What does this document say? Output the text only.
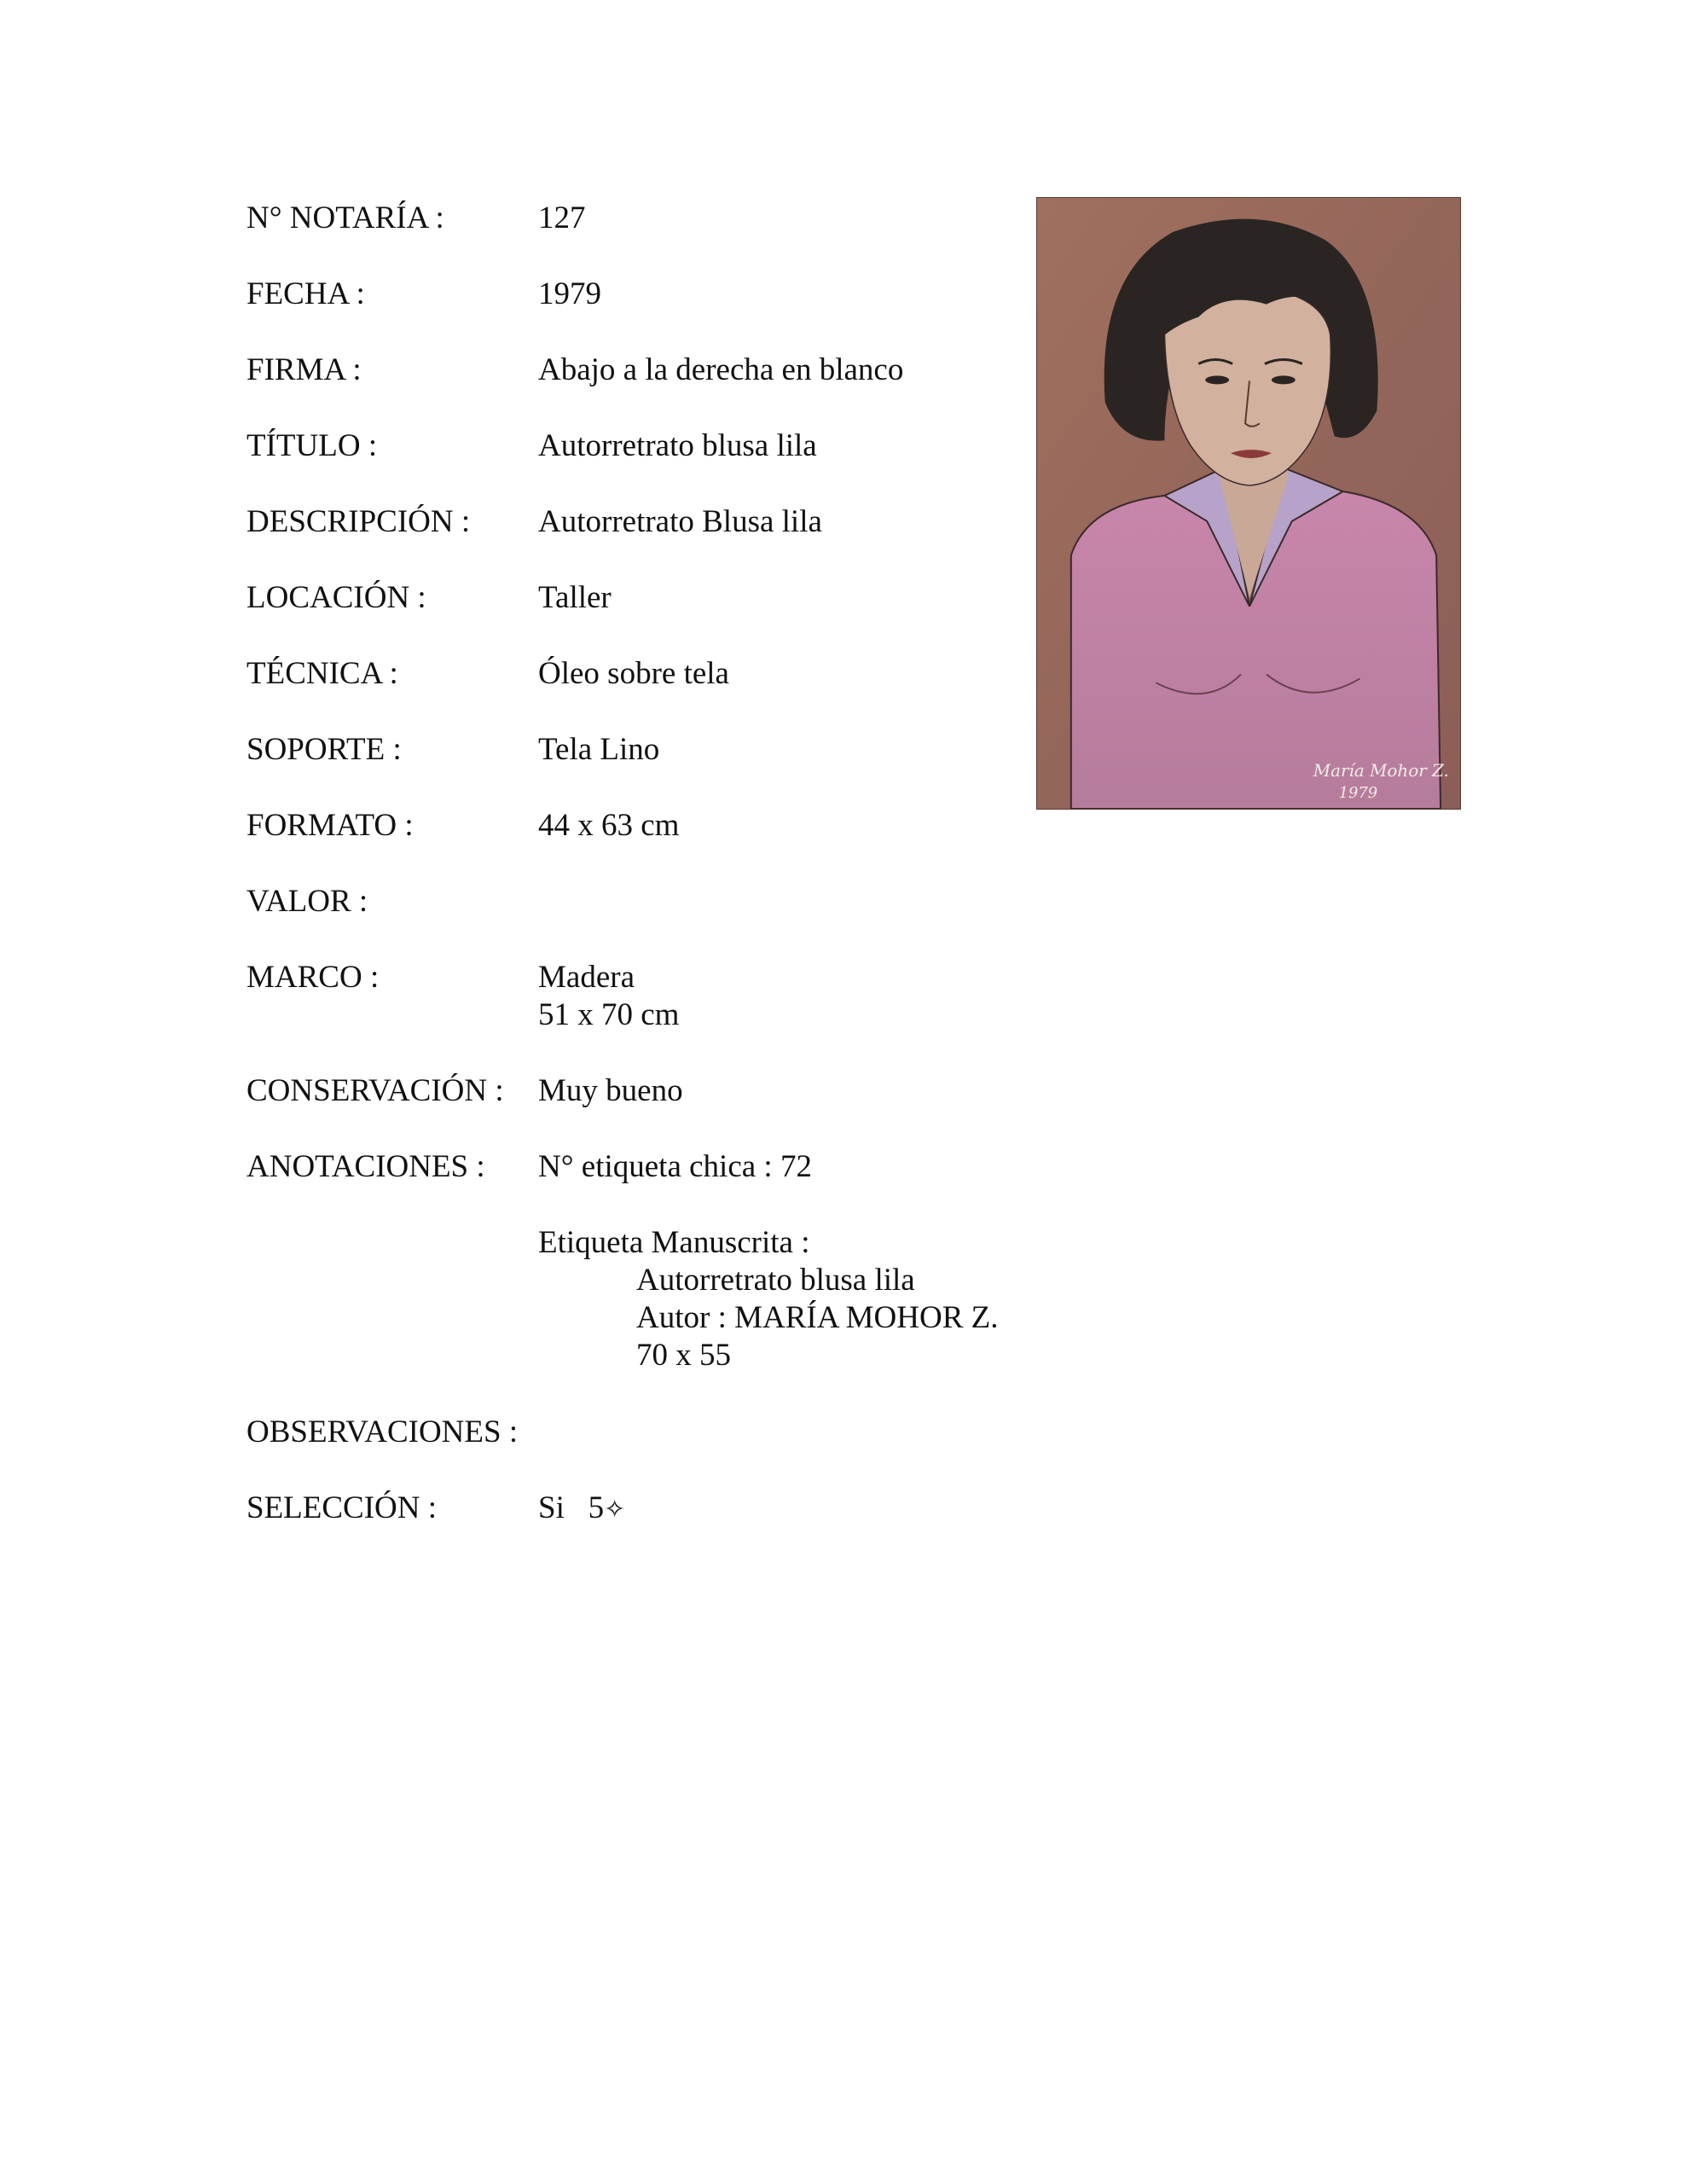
N° NOTARÍA :	127
FECHA :	1979
FIRMA :	Abajo a la derecha en blanco
TÍTULO :	Autorretrato blusa lila
DESCRIPCIÓN : Autorretrato Blusa lila
LOCACIÓN :	Taller
TÉCNICA :	Óleo sobre tela
SOPORTE :	Tela Lino
FORMATO :	44 x 63 cm
VALOR :
MARCO :	Madera
51 x 70 cm
CONSERVACIÓN : Muy bueno
ANOTACIONES : N° etiqueta chica : 72
Etiqueta Manuscrita :
Autorretrato blusa lila
Autor : MARÍA MOHOR Z.
70 x 55
OBSERVACIONES :
SELECCIÓN :	Si   5✧
María Mohor Z.
1979
